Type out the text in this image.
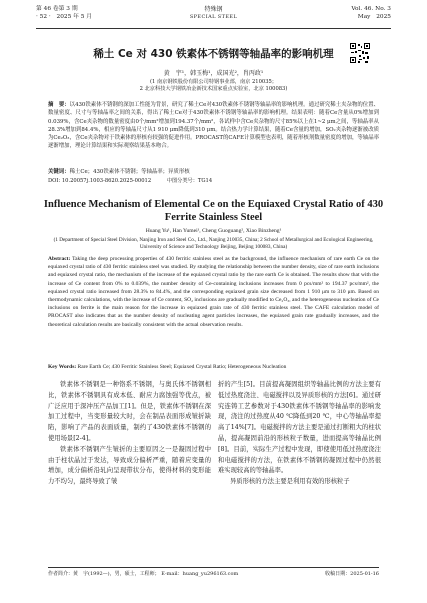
第 46 卷第 3 期
· 52 ·　2025 年 5 月
特殊钢
SPECIAL STEEL
Vol. 46. No. 3
May　2025
稀土 Ce 对 430 铁素体不锈钢等轴晶率的影响机理
黄　宇¹，韩玉梅¹，成国光²，肖丙政¹
(1 南京钢铁股份有限公司特钢事业部，南京 210035；
2 北京科技大学钢铁冶金新技术国家重点实验室，北京 100083)
摘　要：以430铁素体不锈钢的深加工性能为背景，研究了稀土Ce对430铁素体不锈钢等轴晶率的影响机理。通过研究稀土夹杂物的位置、数量密度、尺寸与等轴晶率之间的关系，得出了稀土Ce对于430铁素体不锈钢等轴晶率的影响机理。结果表明：随着Ce含量从0%增加到0.039%，含Ce夹杂物的数量密度由0个/mm²增加到194.37个/mm²，各试样中含Ce夹杂物的尺寸85%以上在1~2 μm之间，等轴晶率从28.3%增加到84.4%，相应的等轴晶尺寸从1 910 μm降低到310 μm。结合热力学计算结果，随着Ce含量的增加，SO₂夹杂物逐渐被改质为Ce₂O₃，含Ce夹杂物对于铁素体的形核有较强的促进作用。PROCAST的CAFE计算模型也表明，随着形核剂数量密度的增加，等轴晶率逐渐增加，理论计算结果和实际观察结果基本吻合。
关键词：稀土Ce；430铁素体不锈钢；等轴晶率；异质形核
DOI: 10.20057j.1003-8620.2025-00012	中图分类号：TG14
Influence Mechanism of Elemental Ce on the Equiaxed Crystal Ratio of 430 Ferrite Stainless Steel
Huang Yu¹, Han Yumei¹, Cheng Guoguang², Xiao Binzheng¹
(1 Department of Special Steel Division, Nanjing Iron and Steel Co., Ltd., Nanjing 210035, China; 2 School of Metallurgical and Ecological Engineering, University of Science and Technology Beijing, Beijing 100083, China)
Abstract: Taking the deep processing properties of 430 ferritic stainless steel as the background, the influence mechanism of rare earth Ce on the equiaxed crystal ratio of 430 ferritic stainless steel was studied. By studying the relationship between the number density, size of rare earth inclusions and equiaxed crystal ratio, the mechanism of the increase of the equiaxed crystal ratio by the rare earth Ce is obtained. The results show that with the increase of Ce content from 0% to 0.039%, the number density of Ce-containing inclusions increases from 0 pcs/mm² to 194.37 pcs/mm², the equiaxed crystal ratio increased from 28.3% to 84.4%, and the corresponding equiaxed grain size decreased from 1 910 μm to 310 μm. Based on thermodynamic calculations, with the increase of Ce content, SO₂ inclusions are gradually modified to Ce₂O₃, and the heterogeneous nucleation of Ce inclusions on ferrite is the main reason for the increase in equiaxed grain rate of 430 ferritic stainless steel. The CAFE calculation model of PROCAST also indicates that as the number density of nucleating agent particles increases, the equiaxed grain rate gradually increases, and the theoretical calculation results are basically consistent with the actual observation results.
Key Words: Rare Earth Ce; 430 Ferritic Stainless Steel; Equiaxed Crystal Ratio; Heterogeneous Nucleation

铁素体不锈钢是一种铬系不锈钢，与奥氏体不锈钢相比，铁素体不锈钢具有成本低、耐应力腐蚀强等优点，被广泛应用于深冲压产品加工[1]。但是，铁素体不锈钢在深加工过程中，当变形量较大时，会在制品表面形成皱折缺陷，影响了产品的表面质量，制约了430铁素体不锈钢的使用场景[2-4]。

铁素体不锈钢产生皱折的主要原因之一是凝固过程中由于柱状晶过于发达，导致成分偏析严重，随着应变量的增加，成分偏析沿轧向呈现带状分布，使得材料的变形能力不均匀，最终导致了皱

折的产生[5]。目前提高凝固组织等轴晶比例的方法主要有低过热度浇注、电磁搅拌以及异质形核的方法[6]。通过研究连铸工艺参数对于430铁素体不锈钢等轴晶率的影响发现，浇注的过热度从40 ℃降低到20 ℃，中心等轴晶率提高了14%[7]。电磁搅拌的方法主要是通过打断粗大的柱状晶，提高凝固前沿的形核粒子数量，进而提高等轴晶比例[8]。目前，实际生产过程中发现，即使使用低过热度浇注和电磁搅拌的方法，在铁素体不锈钢的凝固过程中仍然很难实现较高的等轴晶率。

异质形核的方法主要是利用有效的形核粒子

作者简介：黄　宇(1992—)，男，硕士，工程师； E-mail：huang_yu296163.com	收稿日期：2025-01-16
